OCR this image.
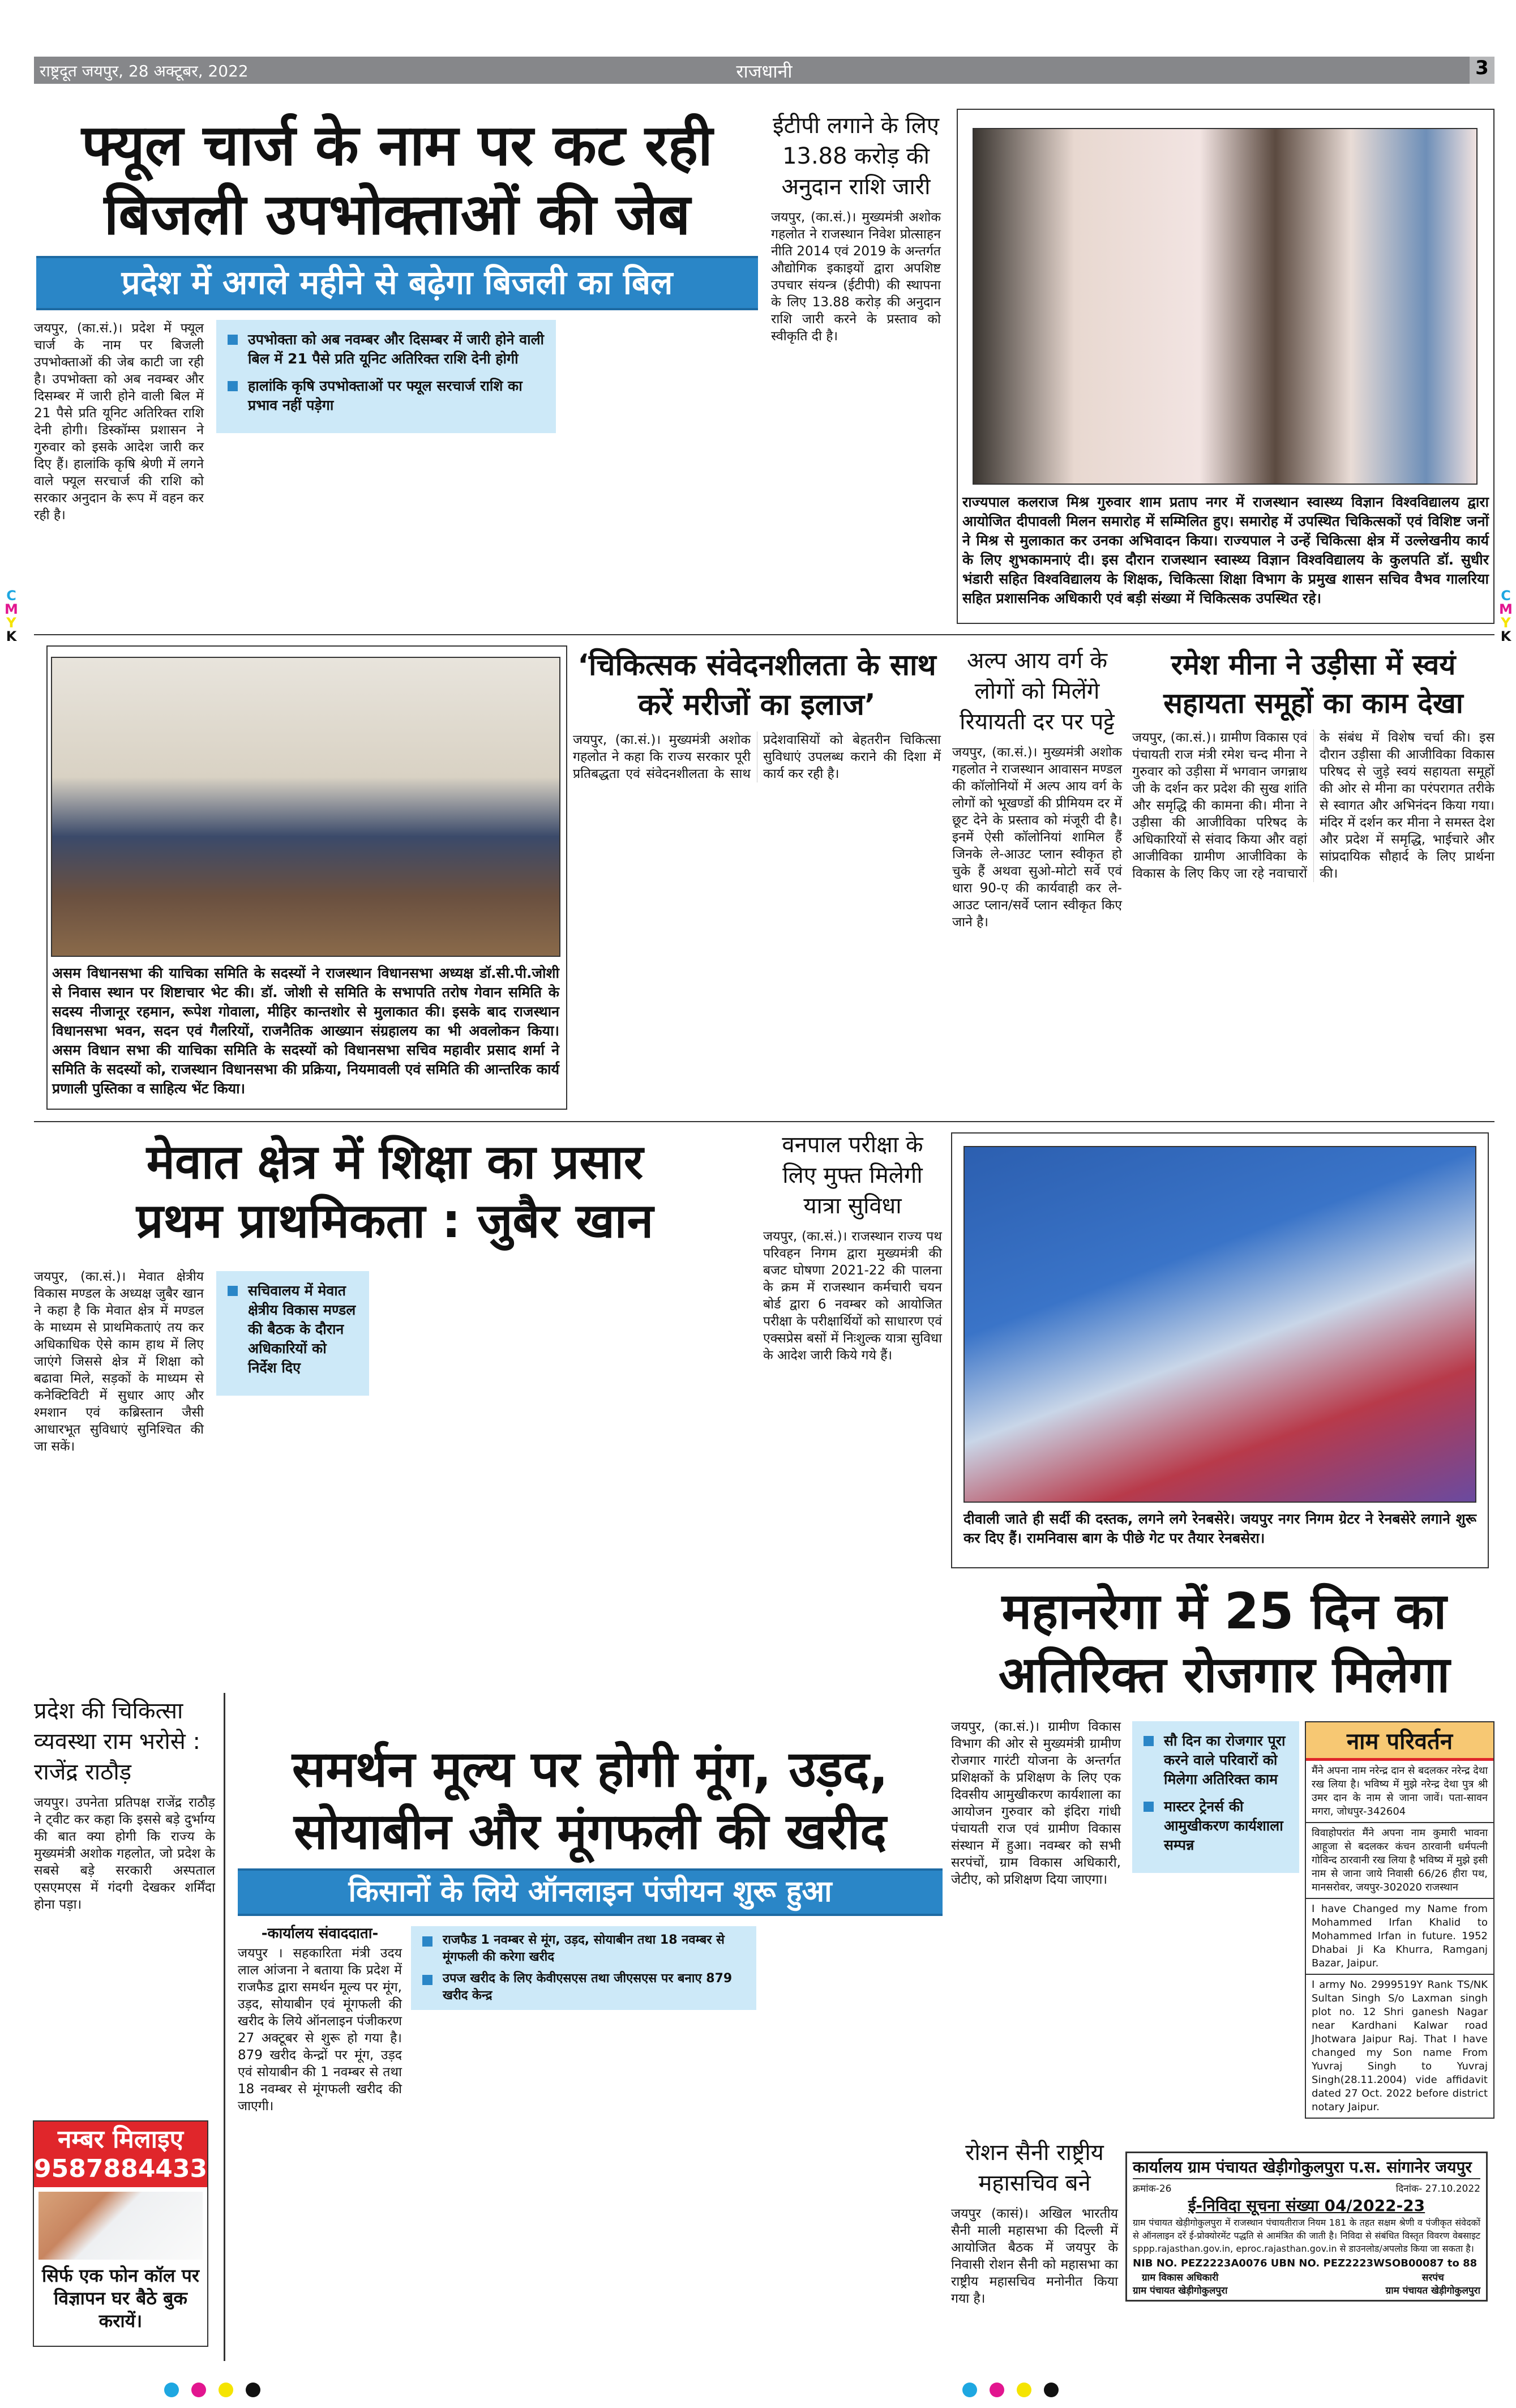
राष्ट्रदूत जयपुर, 28 अक्टूबर, 2022	राजधानी	3
फ्यूल चार्ज के नाम पर कट रही
बिजली उपभोक्ताओं की जेब
प्रदेश में अगले महीने से बढ़ेगा बिजली का बिल
जयपुर, (का.सं.)। प्रदेश में फ्यूल चार्ज के नाम पर बिजली उपभोक्ताओं की जेब काटी जा रही है। उपभोक्ता को अब नवम्बर और दिसम्बर में जारी होने वाली बिल में 21 पैसे प्रति यूनिट अतिरिक्त राशि देनी होगी। डिस्कॉम्स प्रशासन ने गुरुवार को इसके आदेश जारी कर दिए हैं। हालांकि कृषि श्रेणी में लगने वाले फ्यूल सरचार्ज की राशि को सरकार अनुदान के रूप में वहन कर रही है।
उपभोक्ता को अब नवम्बर और दिसम्बर में जारी होने वाली बिल में 21 पैसे प्रति यूनिट अतिरिक्त राशि देनी होगी
हालांकि कृषि उपभोक्ताओं पर फ्यूल सरचार्ज राशि का प्रभाव नहीं पड़ेगा
ईटीपी लगाने के लिए 13.88 करोड़ की अनुदान राशि जारी
जयपुर, (का.सं.)। मुख्यमंत्री अशोक गहलोत ने राजस्थान निवेश प्रोत्साहन नीति 2014 एवं 2019 के अन्तर्गत औद्योगिक इकाइयों द्वारा अपशिष्ट उपचार संयन्त्र (ईटीपी) की स्थापना के लिए 13.88 करोड़ की अनुदान राशि जारी करने के प्रस्ताव को स्वीकृति दी है।
राज्यपाल कलराज मिश्र गुरुवार शाम प्रताप नगर में राजस्थान स्वास्थ्य विज्ञान विश्वविद्यालय द्वारा आयोजित दीपावली मिलन समारोह में सम्मिलित हुए। समारोह में उपस्थित चिकित्सकों एवं विशिष्ट जनों ने मिश्र से मुलाकात कर उनका अभिवादन किया। राज्यपाल ने उन्हें चिकित्सा क्षेत्र में उल्लेखनीय कार्य के लिए शुभकामनाएं दी। इस दौरान राजस्थान स्वास्थ्य विज्ञान विश्वविद्यालय के कुलपति डॉ. सुधीर भंडारी सहित विश्वविद्यालय के शिक्षक, चिकित्सा शिक्षा विभाग के प्रमुख शासन सचिव वैभव गालरिया सहित प्रशासनिक अधिकारी एवं बड़ी संख्या में चिकित्सक उपस्थित रहे।
असम विधानसभा की याचिका समिति के सदस्यों ने राजस्थान विधानसभा अध्यक्ष डॉ.सी.पी.जोशी से निवास स्थान पर शिष्टाचार भेट की। डॉ. जोशी से समिति के सभापति तरोष गेवान समिति के सदस्य नीजानूर रहमान, रूपेश गोवाला, मीहिर कान्तशोर से मुलाकात की। इसके बाद राजस्थान विधानसभा भवन, सदन एवं गैलरियों, राजनैतिक आख्यान संग्रहालय का भी अवलोकन किया। असम विधान सभा की याचिका समिति के सदस्यों को विधानसभा सचिव महावीर प्रसाद शर्मा ने समिति के सदस्यों को, राजस्थान विधानसभा की प्रक्रिया, नियमावली एवं समिति की आन्तरिक कार्य प्रणाली पुस्तिका व साहित्य भेंट किया।
‘चिकित्सक संवेदनशीलता के साथ करें मरीजों का इलाज’
जयपुर, (का.सं.)। मुख्यमंत्री अशोक गहलोत ने कहा कि राज्य सरकार पूरी प्रतिबद्धता एवं संवेदनशीलता के साथ प्रदेशवासियों को बेहतरीन चिकित्सा सुविधाएं उपलब्ध कराने की दिशा में कार्य कर रही है।
अल्प आय वर्ग के लोगों को मिलेंगे रियायती दर पर पट्टे
जयपुर, (का.सं.)। मुख्यमंत्री अशोक गहलोत ने राजस्थान आवासन मण्डल की कॉलोनियों में अल्प आय वर्ग के लोगों को भूखण्डों की प्रीमियम दर में छूट देने के प्रस्ताव को मंजूरी दी है। इनमें ऐसी कॉलोनियां शामिल हैं जिनके ले-आउट प्लान स्वीकृत हो चुके हैं अथवा सुओ-मोटो सर्वे एवं धारा 90-ए की कार्यवाही कर ले-आउट प्लान/सर्वे प्लान स्वीकृत किए जाने है।
रमेश मीना ने उड़ीसा में स्वयं सहायता समूहों का काम देखा
जयपुर, (का.सं.)। ग्रामीण विकास एवं पंचायती राज मंत्री रमेश चन्द मीना ने गुरुवार को उड़ीसा में भगवान जगन्नाथ जी के दर्शन कर प्रदेश की सुख शांति और समृद्धि की कामना की। मीना ने उड़ीसा की आजीविका परिषद के अधिकारियों से संवाद किया और वहां आजीविका ग्रामीण आजीविका के विकास के लिए किए जा रहे नवाचारों के संबंध में विशेष चर्चा की। इस दौरान उड़ीसा की आजीविका विकास परिषद से जुड़े स्वयं सहायता समूहों की ओर से मीना का परंपरागत तरीके से स्वागत और अभिनंदन किया गया। मंदिर में दर्शन कर मीना ने समस्त देश और प्रदेश में समृद्धि, भाईचारे और सांप्रदायिक सौहार्द के लिए प्रार्थना की।
मेवात क्षेत्र में शिक्षा का प्रसार
प्रथम प्राथमिकता : जुबैर खान
जयपुर, (का.सं.)। मेवात क्षेत्रीय विकास मण्डल के अध्यक्ष जुबैर खान ने कहा है कि मेवात क्षेत्र में मण्डल के माध्यम से प्राथमिकताएं तय कर अधिकाधिक ऐसे काम हाथ में लिए जाएंगे जिससे क्षेत्र में शिक्षा को बढावा मिले, सड़कों के माध्यम से कनेक्टिविटी में सुधार आए और श्मशान एवं कब्रिस्तान जैसी आधारभूत सुविधाएं सुनिश्चित की जा सकें।
सचिवालय में मेवात क्षेत्रीय विकास मण्डल की बैठक के दौरान अधिकारियों को निर्देश दिए
वनपाल परीक्षा के लिए मुफ्त मिलेगी यात्रा सुविधा
जयपुर, (का.सं.)। राजस्थान राज्य पथ परिवहन निगम द्वारा मुख्यमंत्री की बजट घोषणा 2021-22 की पालना के क्रम में राजस्थान कर्मचारी चयन बोर्ड द्वारा 6 नवम्बर को आयोजित परीक्षा के परीक्षार्थियों को साधारण एवं एक्सप्रेस बसों में निःशुल्क यात्रा सुविधा के आदेश जारी किये गये हैं।
दीवाली जाते ही सर्दी की दस्तक, लगने लगे रेनबसेरे। जयपुर नगर निगम ग्रेटर ने रेनबसेरे लगाने शुरू कर दिए हैं। रामनिवास बाग के पीछे गेट पर तैयार रेनबसेरा।
महानरेगा में 25 दिन का
अतिरिक्त रोजगार मिलेगा
जयपुर, (का.सं.)। ग्रामीण विकास विभाग की ओर से मुख्यमंत्री ग्रामीण रोजगार गारंटी योजना के अन्तर्गत प्रशिक्षकों के प्रशिक्षण के लिए एक दिवसीय आमुखीकरण कार्यशाला का आयोजन गुरुवार को इंदिरा गांधी पंचायती राज एवं ग्रामीण विकास संस्थान में हुआ। नवम्बर को सभी सरपंचों, ग्राम विकास अधिकारी, जेटीए, को प्रशिक्षण दिया जाएगा।
सौ दिन का रोजगार पूरा करने वाले परिवारों को मिलेगा अतिरिक्त काम
मास्टर ट्रेनर्स की आमुखीकरण कार्यशाला सम्पन्न
नाम परिवर्तन
मैंने अपना नाम नरेन्द्र दान से बदलकर नरेन्द्र देथा रख लिया है। भविष्य में मुझे नरेन्द्र देथा पुत्र श्री उमर दान के नाम से जाना जावें। पता-सावन मगरा, जोधपुर-342604
विवाहोपरांत मैंने अपना नाम कुमारी भावना आहूजा से बदलकर कंचन ठारवानी धर्मपत्नी गोविन्द ठारवानी रख लिया है भविष्य में मुझे इसी नाम से जाना जाये निवासी 66/26 हीरा पथ, मानसरोवर, जयपुर-302020 राजस्थान
I have Changed my Name from Mohammed Irfan Khalid to Mohammed Irfan in future. 1952 Dhabai Ji Ka Khurra, Ramganj Bazar, Jaipur.
I army No. 2999519Y Rank TS/NK Sultan Singh S/o Laxman singh plot no. 12 Shri ganesh Nagar near Kardhani Kalwar road Jhotwara Jaipur Raj. That I have changed my Son name From Yuvraj Singh to Yuvraj Singh(28.11.2004) vide affidavit dated 27 Oct. 2022 before district notary Jaipur.
प्रदेश की चिकित्सा व्यवस्था राम भरोसे : राजेंद्र राठौड़
जयपुर। उपनेता प्रतिपक्ष राजेंद्र राठौड़ ने ट्वीट कर कहा कि इससे बड़े दुर्भाग्य की बात क्या होगी कि राज्य के मुख्यमंत्री अशोक गहलोत, जो प्रदेश के सबसे बड़े सरकारी अस्पताल एसएमएस में गंदगी देखकर शर्मिंदा होना पड़ा।
नम्बर मिलाइए
9587884433
सिर्फ एक फोन कॉल पर विज्ञापन घर बैठे बुक करायें।
समर्थन मूल्य पर होगी मूंग, उड़द,
सोयाबीन और मूंगफली की खरीद
किसानों के लिये ऑनलाइन पंजीयन शुरू हुआ
-कार्यालय संवाददाता-
जयपुर । सहकारिता मंत्री उदय लाल आंजना ने बताया कि प्रदेश में राजफैड द्वारा समर्थन मूल्य पर मूंग, उड़द, सोयाबीन एवं मूंगफली की खरीद के लिये ऑनलाइन पंजीकरण 27 अक्टूबर से शुरू हो गया है। 879 खरीद केन्द्रों पर मूंग, उड़द एवं सोयाबीन की 1 नवम्बर से तथा 18 नवम्बर से मूंगफली खरीद की जाएगी।
राजफैड 1 नवम्बर से मूंग, उड़द, सोयाबीन तथा 18 नवम्बर से मूंगफली की करेगा खरीद
उपज खरीद के लिए केवीएसएस तथा जीएसएस पर बनाए 879 खरीद केन्द्र
रोशन सैनी राष्ट्रीय महासचिव बने
जयपुर (कासं)। अखिल भारतीय सैनी माली महासभा की दिल्ली में आयोजित बैठक में जयपुर के निवासी रोशन सैनी को महासभा का राष्ट्रीय महासचिव मनोनीत किया गया है।
कार्यालय ग्राम पंचायत खेड़ीगोकुलपुरा प.स. सांगानेर जयपुर
क्रमांक-26	दिनांक- 27.10.2022
ई-निविदा सूचना संख्या 04/2022-23
ग्राम पंचायत खेड़ीगोकुलपुरा में राजस्थान पंचायतीराज नियम 181 के तहत सक्षम श्रेणी व पंजीकृत संवेदकों से ऑनलाइन दरें ई-प्रोक्योरमेंट पद्धति से आमंत्रित की जाती है। निविदा से संबंधित विस्तृत विवरण वेबसाइट sppp.rajasthan.gov.in, eproc.rajasthan.gov.in से डाउनलोड/अपलोड किया जा सकता है।
NIB NO. PEZ2223A0076 UBN NO. PEZ2223WSOB00087 to 88
ग्राम विकास अधिकारी
ग्राम पंचायत खेड़ीगोकुलपुरा
सरपंच
ग्राम पंचायत खेड़ीगोकुलपुरा
C
M
Y
K
C
M
Y
K
